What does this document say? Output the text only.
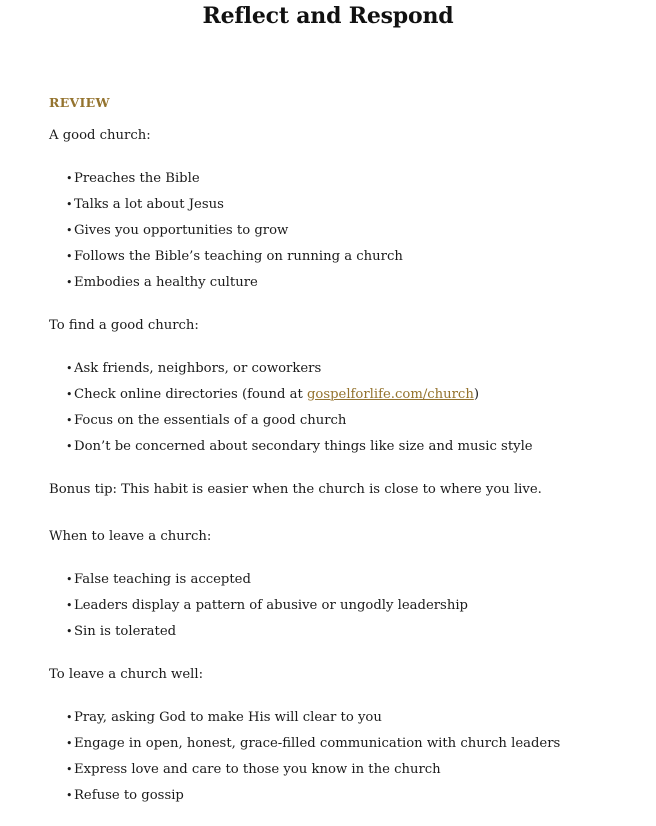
Reflect and Respond
REVIEW

A good church:

• Preaches the Bible
• Talks a lot about Jesus
• Gives you opportunities to grow
• Follows the Bible’s teaching on running a church
• Embodies a healthy culture

To find a good church:

• Ask friends, neighbors, or coworkers
• Check online directories (found at gospelforlife.com/church)
• Focus on the essentials of a good church
• Don’t be concerned about secondary things like size and music style

Bonus tip: This habit is easier when the church is close to where you live.

When to leave a church:

• False teaching is accepted
• Leaders display a pattern of abusive or ungodly leadership
• Sin is tolerated

To leave a church well:

• Pray, asking God to make His will clear to you
• Engage in open, honest, grace-filled communication with church leaders
• Express love and care to those you know in the church
• Refuse to gossip
